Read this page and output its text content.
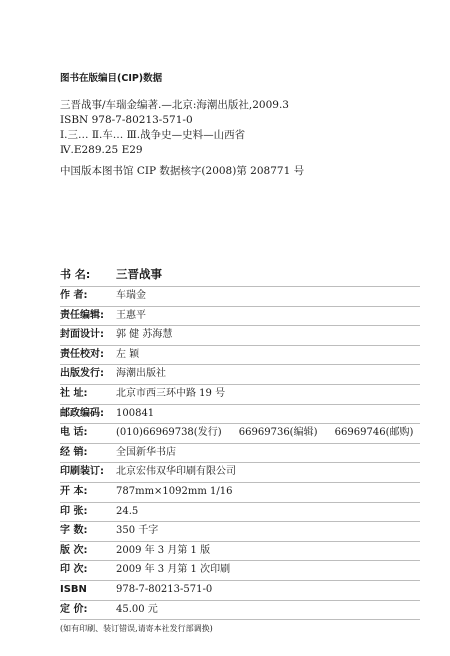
图书在版编目(CIP)数据
三晋战事/车瑞金编著.—北京:海潮出版社,2009.3
ISBN 978-7-80213-571-0
Ⅰ.三… Ⅱ.车… Ⅲ.战争史—史料—山西省
Ⅳ.E289.25 E29
中国版本图书馆 CIP 数据核字(2008)第 208771 号
书 名:	三晋战事
作 者:	车瑞金
责任编辑:	王惠平
封面设计:	郭 健 苏海慧
责任校对:	左 颖
出版发行:	海潮出版社
社 址:	北京市西三环中路 19 号
邮政编码:	100841
电 话:	(010)66969738(发行) 66969736(编辑) 66969746(邮购)
经 销:	全国新华书店
印刷装订:	北京宏伟双华印刷有限公司
开 本:	787mm×1092mm 1/16
印 张:	24.5
字 数:	350 千字
版 次:	2009 年 3 月第 1 版
印 次:	2009 年 3 月第 1 次印刷
ISBN	978-7-80213-571-0
定 价:	45.00 元
(如有印刷、装订错误,请寄本社发行部调换)
